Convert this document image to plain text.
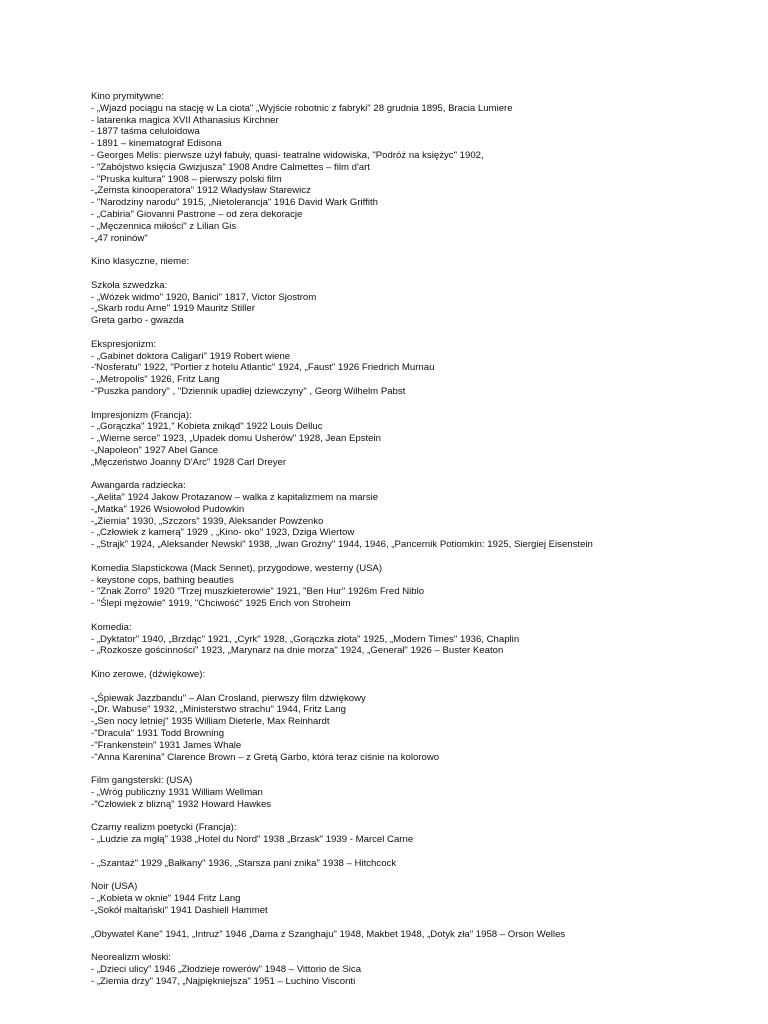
Kino prymitywne:
- „Wjazd pociągu na stację w La ciota" „Wyjście robotnic z fabryki" 28 grudnia 1895, Bracia Lumiere
- latarenka magica XVII Athanasius Kirchner
- 1877 taśma celuloidowa
- 1891 – kinematograf Edisona
- Georges Melis: pierwsze użył fabuły, quasi- teatralne widowiska, "Podróż na księżyc" 1902,
- "Zabójstwo księcia Gwizjusza" 1908 Andre Calmettes – film d'art
- "Pruska kultura" 1908 – pierwszy polski film
-„Zemsta kinooperatora" 1912 Władysław Starewicz
- "Narodziny narodu" 1915, „Nietolerancja" 1916 David Wark Griffith
- „Cabiria" Giovanni Pastrone – od zera dekoracje
- „Męczennica miłości" z Lilian Gis
-„47 roninów"
Kino klasyczne, nieme:
Szkoła szwedzka:
- „Wózek widmo" 1920, Banici" 1817, Victor Sjostrom
-„Skarb rodu Arne" 1919 Mauritz Stiller
Greta garbo - gwazda
Ekspresjonizm:
- „Gabinet doktora Caligari" 1919 Robert wiene
-'Nosferatu" 1922, "Portier z hotelu Atlantic" 1924, „Faust" 1926 Friedrich Murnau
- „Metropolis" 1926, Fritz Lang
-"Puszka pandory" , "Dziennik upadłej dziewczyny" , Georg Wilhelm Pabst
Impresjonizm (Francja):
- „Gorączka" 1921," Kobieta znikąd" 1922 Louis Delluc
- „Wierne serce" 1923, „Upadek domu Usherów" 1928, Jean Epstein
-„Napoleon" 1927 Abel Gance
„Męczeństwo Joanny D'Arc" 1928 Carl Dreyer
Awangarda radziecka:
-„Aelita" 1924 Jakow Protazanow – walka z kapitalizmem na marsie
-„Matka" 1926 Wsiowołod Pudowkin
-„Ziemia" 1930, „Szczors" 1939, Aleksander Powżenko
- „Człowiek z kamerą" 1929 , „Kino- oko" 1923, Dziga Wiertow
- „Strajk" 1924, „Aleksander Newski" 1938, „Iwan Groźny" 1944, 1946, „Pancernik Potiomkin: 1925, Siergiej Eisenstein
Komedia Slapstickowa (Mack Sennet), przygodowe, westerny (USA)
- keystone cops, bathing beauties
- "Znak Zorro" 1920 "Trzej muszkieterowie" 1921, "Ben Hur" 1926m Fred Niblo
- "Ślepi mężowie" 1919, "Chciwość" 1925 Erich von Stroheim
Komedia:
- „Dyktator" 1940, „Brzdąc" 1921, „Cyrk" 1928, „Gorączka złota" 1925, „Modern Times" 1936, Chaplin
- „Rozkosze gościnności" 1923, „Marynarz na dnie morza" 1924, „Generał" 1926 – Buster Keaton
Kino zerowe, (dźwiękowe):
-„Śpiewak Jazzbandu" – Alan Crosland, pierwszy film dźwiękowy
-„Dr. Wabuse" 1932, „Ministerstwo strachu" 1944, Fritz Lang
-„Sen nocy letniej" 1935 William Dieterle, Max Reinhardt
-"Dracula" 1931 Todd Browning
-"Frankenstein" 1931 James Whale
-"Anna Karenina" Clarence Brown – z Gretą Garbo, która teraz ciśnie na kolorowo
Film gangsterski: (USA)
- „Wróg publiczny 1931 William Wellman
-"Człowiek z blizną" 1932 Howard Hawkes
Czarny realizm poetycki (Francja):
- „Ludzie za mgłą" 1938 „Hotel du Nord" 1938 „Brzask" 1939 - Marcel Carne
- „Szantaż" 1929 „Bałkany" 1936, „Starsza pani znika" 1938 – Hitchcock
Noir (USA)
- „Kobieta w oknie" 1944 Fritz Lang
-„Sokół maltański" 1941 Dashiell Hammet
„Obywatel Kane" 1941, „Intruz" 1946 „Dama z Szanghaju" 1948, Makbet 1948, „Dotyk zła" 1958 – Orson Welles
Neorealizm włoski:
- „Dzieci ulicy" 1946 „Złodzieje rowerów" 1948 – Vittorio de Sica
- „Ziemia drży" 1947, „Najpiękniejsza" 1951 – Luchino Visconti
